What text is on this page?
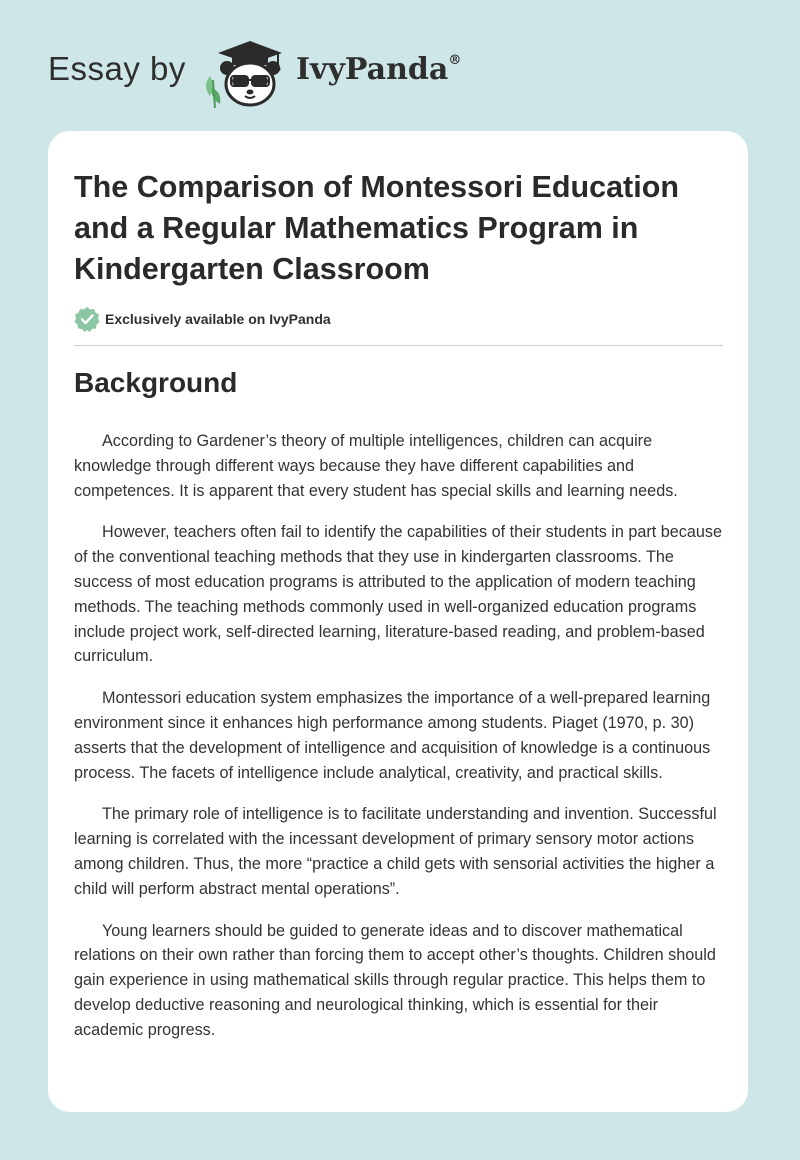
Essay by	IvyPanda®
The Comparison of Montessori Education and a Regular Mathematics Program in Kindergarten Classroom
Exclusively available on IvyPanda
Background

According to Gardener’s theory of multiple intelligences, children can acquire knowledge through different ways because they have different capabilities and competences. It is apparent that every student has special skills and learning needs.

However, teachers often fail to identify the capabilities of their students in part because of the conventional teaching methods that they use in kindergarten classrooms. The success of most education programs is attributed to the application of modern teaching methods. The teaching methods commonly used in well-organized education programs include project work, self-directed learning, literature-based reading, and problem-based curriculum.

Montessori education system emphasizes the importance of a well-prepared learning environment since it enhances high performance among students. Piaget (1970, p. 30) asserts that the development of intelligence and acquisition of knowledge is a continuous process. The facets of intelligence include analytical, creativity, and practical skills.

The primary role of intelligence is to facilitate understanding and invention. Successful learning is correlated with the incessant development of primary sensory motor actions among children. Thus, the more “practice a child gets with sensorial activities the higher a child will perform abstract mental operations”.

Young learners should be guided to generate ideas and to discover mathematical relations on their own rather than forcing them to accept other’s thoughts. Children should gain experience in using mathematical skills through regular practice. This helps them to develop deductive reasoning and neurological thinking, which is essential for their academic progress.
